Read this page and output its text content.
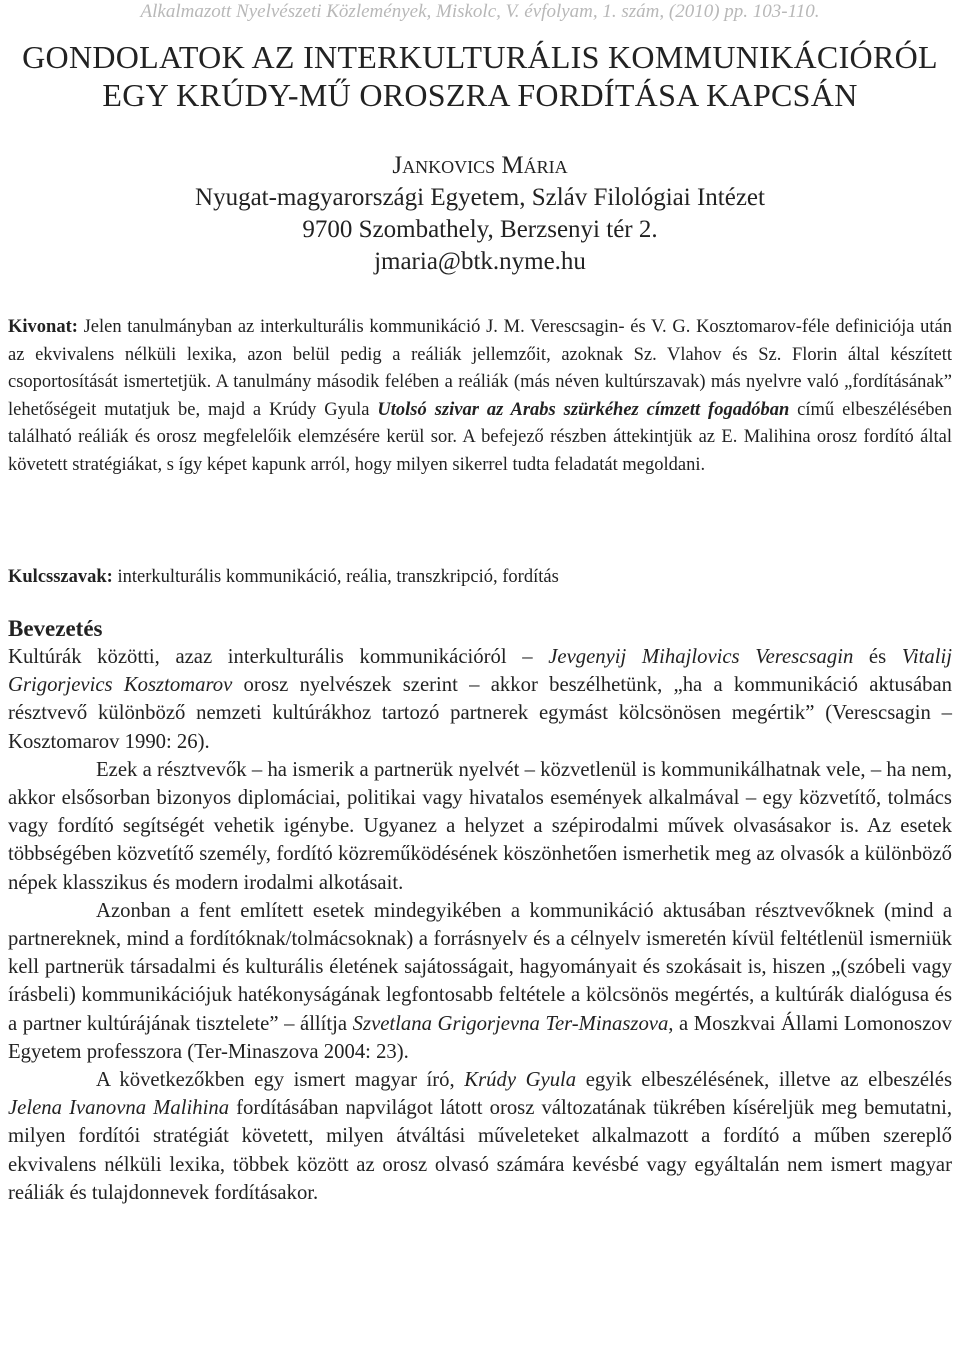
Alkalmazott Nyelvészeti Közlemények, Miskolc, V. évfolyam, 1. szám, (2010) pp. 103-110.
GONDOLATOK AZ INTERKULTURÁLIS KOMMUNIKÁCIÓRÓL
EGY KRÚDY-MŰ OROSZRA FORDÍTÁSA KAPCSÁN
Jankovics Mária
Nyugat-magyarországi Egyetem, Szláv Filológiai Intézet
9700 Szombathely, Berzsenyi tér 2.
jmaria@btk.nyme.hu
Kivonat: Jelen tanulmányban az interkulturális kommunikáció J. M. Verescsagin- és V. G. Kosztomarov-féle definiciója után az ekvivalens nélküli lexika, azon belül pedig a reáliák jellemzőit, azoknak Sz. Vlahov és Sz. Florin által készített csoportosítását ismertetjük. A tanulmány második felében a reáliák (más néven kultúrszavak) más nyelvre való „fordításának” lehetőségeit mutatjuk be, majd a Krúdy Gyula Utolsó szivar az Arabs szürkéhez címzett fogadóban című elbeszélésében található reáliák és orosz megfelelőik elemzésére kerül sor. A befejező részben áttekintjük az E. Malihina orosz fordító által követett stratégiákat, s így képet kapunk arról, hogy milyen sikerrel tudta feladatát megoldani.
Kulcsszavak: interkulturális kommunikáció, reália, transzkripció, fordítás
Bevezetés

Kultúrák közötti, azaz interkulturális kommunikációról – Jevgenyij Mihajlovics Verescsagin és Vitalij Grigorjevics Kosztomarov orosz nyelvészek szerint – akkor beszélhetünk, „ha a kommunikáció aktusában résztvevő különböző nemzeti kultúrákhoz tartozó partnerek egymást kölcsönösen megértik” (Verescsagin – Kosztomarov 1990: 26).

Ezek a résztvevők – ha ismerik a partnerük nyelvét – közvetlenül is kommunikálhatnak vele, – ha nem, akkor elsősorban bizonyos diplomáciai, politikai vagy hivatalos események alkalmával – egy közvetítő, tolmács vagy fordító segítségét vehetik igénybe. Ugyanez a helyzet a szépirodalmi művek olvasásakor is. Az esetek többségében közvetítő személy, fordító közreműködésének köszönhetően ismerhetik meg az olvasók a különböző népek klasszikus és modern irodalmi alkotásait.

Azonban a fent említett esetek mindegyikében a kommunikáció aktusában résztvevőknek (mind a partnereknek, mind a fordítóknak/tolmácsoknak) a forrásnyelv és a célnyelv ismeretén kívül feltétlenül ismerniük kell partnerük társadalmi és kulturális életének sajátosságait, hagyományait és szokásait is, hiszen „(szóbeli vagy írásbeli) kommunikációjuk hatékonyságának legfontosabb feltétele a kölcsönös megértés, a kultúrák dialógusa és a partner kultúrájának tisztelete” – állítja Szvetlana Grigorjevna Ter-Minaszova, a Moszkvai Állami Lomonoszov Egyetem professzora (Ter-Minaszova 2004: 23).

A következőkben egy ismert magyar író, Krúdy Gyula egyik elbeszélésének, illetve az elbeszélés Jelena Ivanovna Malihina fordításában napvilágot látott orosz változatának tükrében kíséreljük meg bemutatni, milyen fordítói stratégiát követett, milyen átváltási műveleteket alkalmazott a fordító a műben szereplő ekvivalens nélküli lexika, többek között az orosz olvasó számára kevésbé vagy egyáltalán nem ismert magyar reáliák és tulajdonnevek fordításakor.
